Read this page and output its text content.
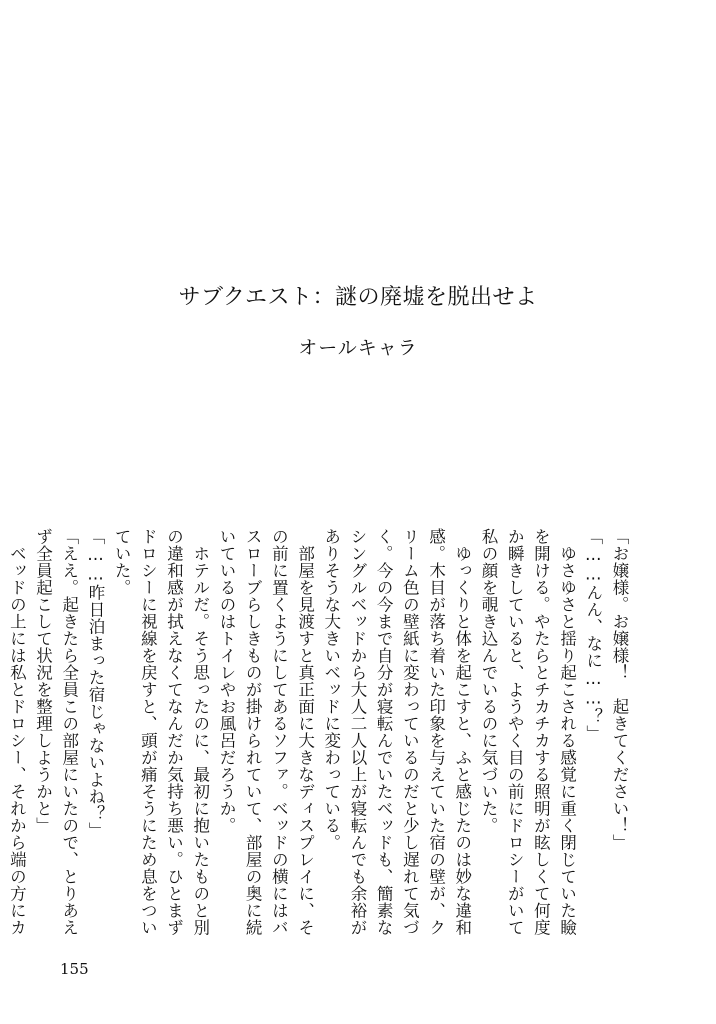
サブクエスト：謎の廃墟を脱出せよ
オールキャラ

「お嬢様。お嬢様！　起きてください！」

「……んん、なに……？」

　ゆさゆさと揺り起こされる感覚に重く閉じていた瞼を開ける。やたらとチカチカする照明が眩しくて何度か瞬きしていると、ようやく目の前にドロシーがいて私の顔を覗き込んでいるのに気づいた。

　ゆっくりと体を起こすと、ふと感じたのは妙な違和感。木目が落ち着いた印象を与えていた宿の壁が、クリーム色の壁紙に変わっているのだと少し遅れて気づく。今の今まで自分が寝転んでいたベッドも、簡素なシングルベッドから大人二人以上が寝転んでも余裕がありそうな大きいベッドに変わっている。

　部屋を見渡すと真正面に大きなディスプレイに、その前に置くようにしてあるソファ。ベッドの横にはバスローブらしきものが掛けられていて、部屋の奥に続いているのはトイレやお風呂だろうか。

　ホテルだ。そう思ったのに、最初に抱いたものと別の違和感が拭えなくてなんだか気持ち悪い。ひとまずドロシーに視線を戻すと、頭が痛そうにため息をついていた。

「……昨日泊まった宿じゃないよね？」

「ええ。起きたら全員この部屋にいたので、とりあえず全員起こして状況を整理しようかと」

　ベッドの上には私とドロシー、それから端の方にカ

155
